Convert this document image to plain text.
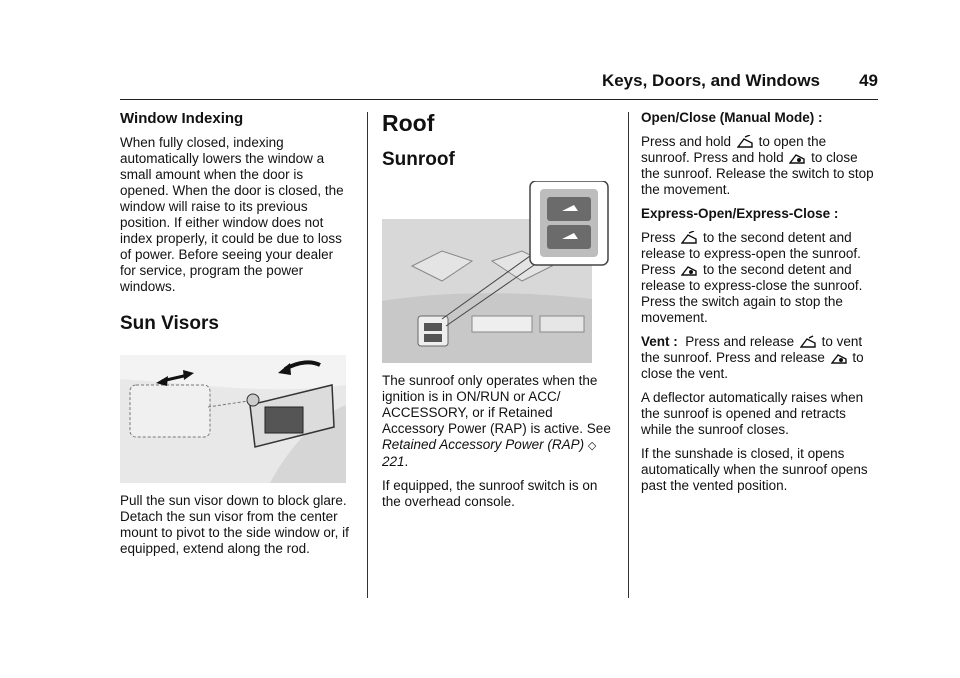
Keys, Doors, and Windows 49
Window Indexing

When fully closed, indexing automatically lowers the window a small amount when the door is opened. When the door is closed, the window will raise to its previous position. If either window does not index properly, it could be due to loss of power. Before seeing your dealer for service, program the power windows.

Sun Visors

Pull the sun visor down to block glare. Detach the sun visor from the center mount to pivot to the side window or, if equipped, extend along the rod.

Roof
Sunroof

The sunroof only operates when the ignition is in ON/RUN or ACC/ ACCESSORY, or if Retained Accessory Power (RAP) is active. See Retained Accessory Power (RAP) ◇ 221.

If equipped, the sunroof switch is on the overhead console.

Open/Close (Manual Mode) :

Press and hold to open the sunroof. Press and hold to close the sunroof. Release the switch to stop the movement.

Express-Open/Express-Close :

Press to the second detent and release to express-open the sunroof. Press to the second detent and release to express-close the sunroof. Press the switch again to stop the movement.

Vent : Press and release to vent the sunroof. Press and release to close the vent.

A deflector automatically raises when the sunroof is opened and retracts while the sunroof closes.

If the sunshade is closed, it opens automatically when the sunroof opens past the vented position.
